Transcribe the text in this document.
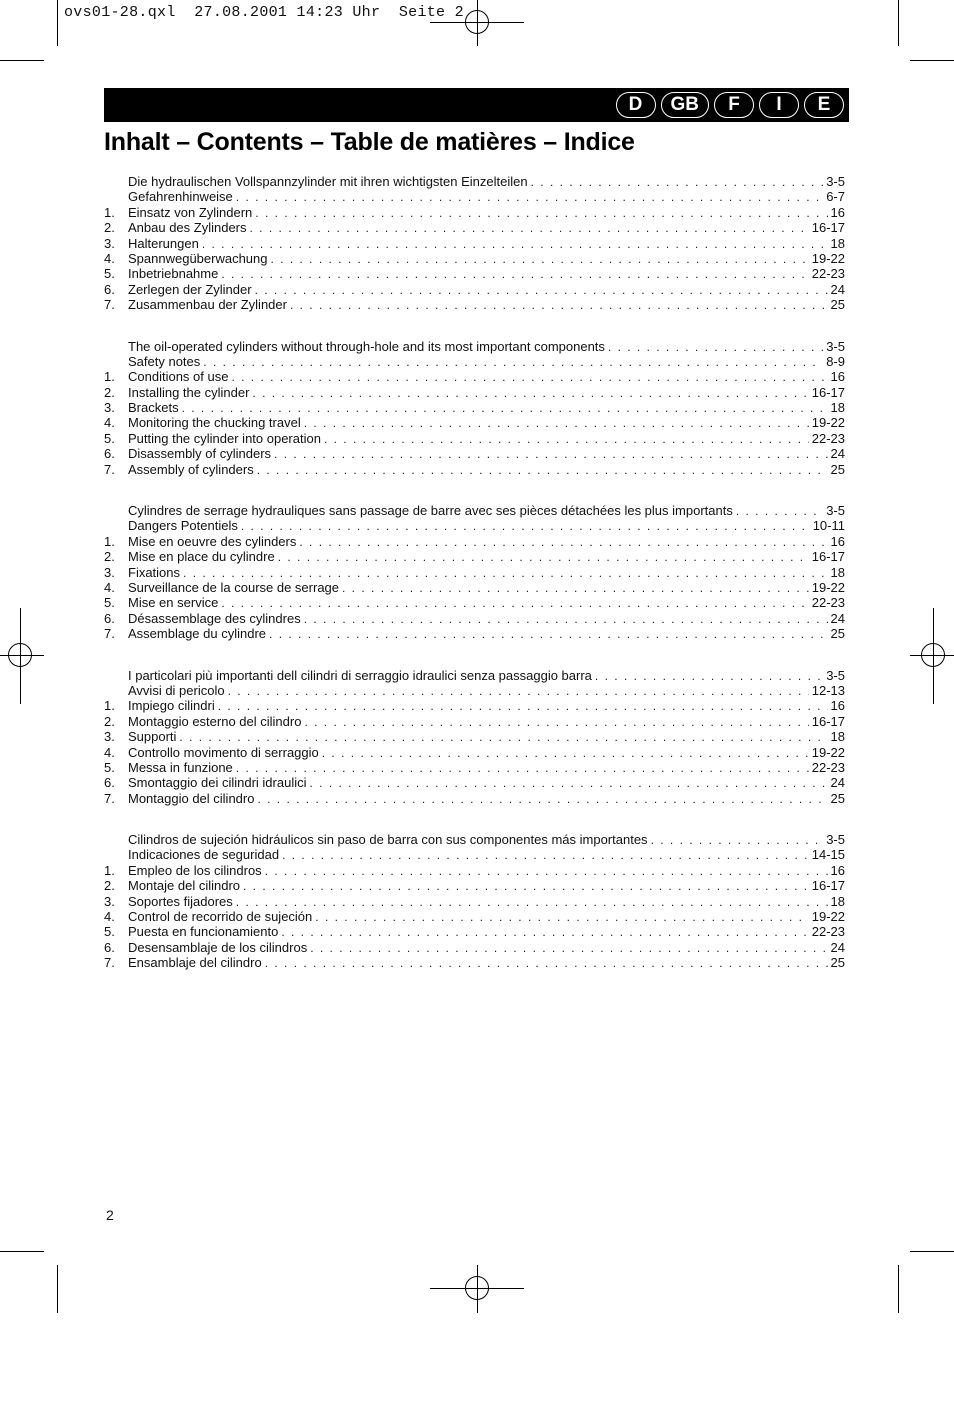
ovs01-28.qxl  27.08.2001 14:23 Uhr  Seite 2
D	GB	F	I	E
Inhalt – Contents – Table de matières – Indice
Die hydraulischen Vollspannzylinder mit ihren wichtigsten Einzelteilen . . .	3-5
Gefahrenhinweise . . .	6-7
1.	Einsatz von Zylindern . . .	16
2.	Anbau des Zylinders . . .	16-17
3.	Halterungen . . .	18
4.	Spannwegüberwachung . . .	19-22
5.	Inbetriebnahme . . .	22-23
6.	Zerlegen der Zylinder . . .	24
7.	Zusammenbau der Zylinder . . .	25
The oil-operated cylinders without through-hole and its most important components . . .	3-5
Safety notes . . .	8-9
1.	Conditions of use . . .	16
2.	Installing the cylinder . . .	16-17
3.	Brackets . . .	18
4.	Monitoring the chucking travel . . .	19-22
5.	Putting the cylinder into operation . . .	22-23
6.	Disassembly of cylinders . . .	24
7.	Assembly of cylinders . . .	25
Cylindres de serrage hydrauliques sans passage de barre avec ses pièces détachées les plus importants . . .	3-5
Dangers Potentiels . . .	10-11
1.	Mise en oeuvre des cylinders . . .	16
2.	Mise en place du cylindre . . .	16-17
3.	Fixations . . .	18
4.	Surveillance de la course de serrage . . .	19-22
5.	Mise en service . . .	22-23
6.	Désassemblage des cylindres . . .	24
7.	Assemblage du cylindre . . .	25
I particolari più importanti dell cilindri di serraggio idraulici senza passaggio barra . . .	3-5
Avvisi di pericolo . . .	12-13
1.	Impiego cilindri . . .	16
2.	Montaggio esterno del cilindro . . .	16-17
3.	Supporti . . .	18
4.	Controllo movimento di serraggio . . .	19-22
5.	Messa in funzione . . .	22-23
6.	Smontaggio dei cilindri idraulici . . .	24
7.	Montaggio del cilindro . . .	25
Cilindros de sujeción hidráulicos sin paso de barra con sus componentes más importantes . . .	3-5
Indicaciones de seguridad . . .	14-15
1.	Empleo de los cilindros . . .	16
2.	Montaje del cilindro . . .	16-17
3.	Soportes fijadores . . .	18
4.	Control de recorrido de sujeción . . .	19-22
5.	Puesta en funcionamiento . . .	22-23
6.	Desensamblaje de los cilindros . . .	24
7.	Ensamblaje del cilindro . . .	25
2
